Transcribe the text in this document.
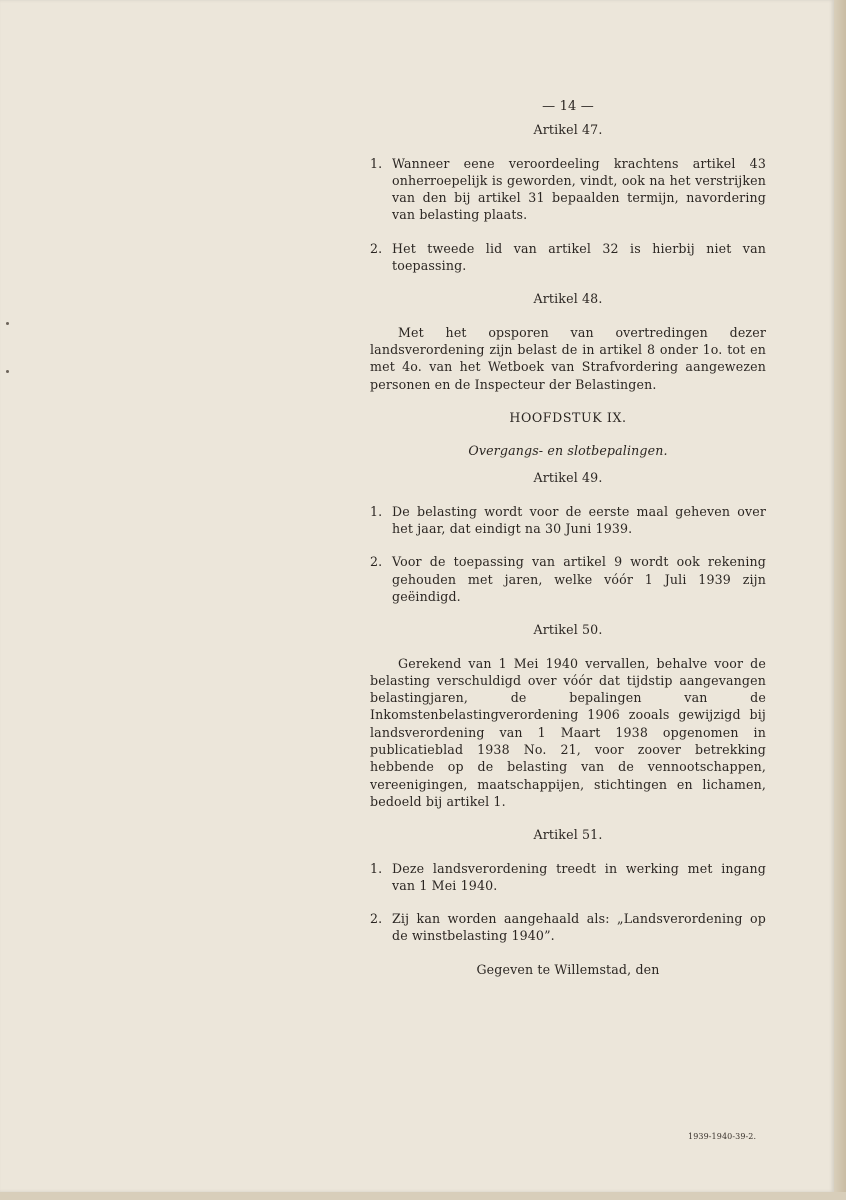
— 14 —
Artikel 47.
1. Wanneer eene veroordeeling krachtens artikel 43 onherroepelijk is geworden, vindt, ook na het verstrijken van den bij artikel 31 bepaalden termijn, navordering van belasting plaats.
2. Het tweede lid van artikel 32 is hierbij niet van toepassing.
Artikel 48.

Met het opsporen van overtredingen dezer landsverordening zijn belast de in artikel 8 onder 1o. tot en met 4o. van het Wetboek van Strafvordering aangewezen personen en de Inspecteur der Belastingen.

HOOFDSTUK IX.
Overgangs- en slotbepalingen.
Artikel 49.
1. De belasting wordt voor de eerste maal geheven over het jaar, dat eindigt na 30 Juni 1939.
2. Voor de toepassing van artikel 9 wordt ook rekening gehouden met jaren, welke vóór 1 Juli 1939 zijn geëindigd.
Artikel 50.

Gerekend van 1 Mei 1940 vervallen, behalve voor de belasting verschuldigd over vóór dat tijdstip aangevangen belastingjaren, de bepalingen van de Inkomstenbelastingverordening 1906 zooals gewijzigd bij landsverordening van 1 Maart 1938 opgenomen in publicatieblad 1938 No. 21, voor zoover betrekking hebbende op de belasting van de vennootschappen, vereenigingen, maatschappijen, stichtingen en lichamen, bedoeld bij artikel 1.

Artikel 51.
1. Deze landsverordening treedt in werking met ingang van 1 Mei 1940.
2. Zij kan worden aangehaald als: „Landsverordening op de winstbelasting 1940”.
Gegeven te Willemstad, den
1939-1940-39-2.
